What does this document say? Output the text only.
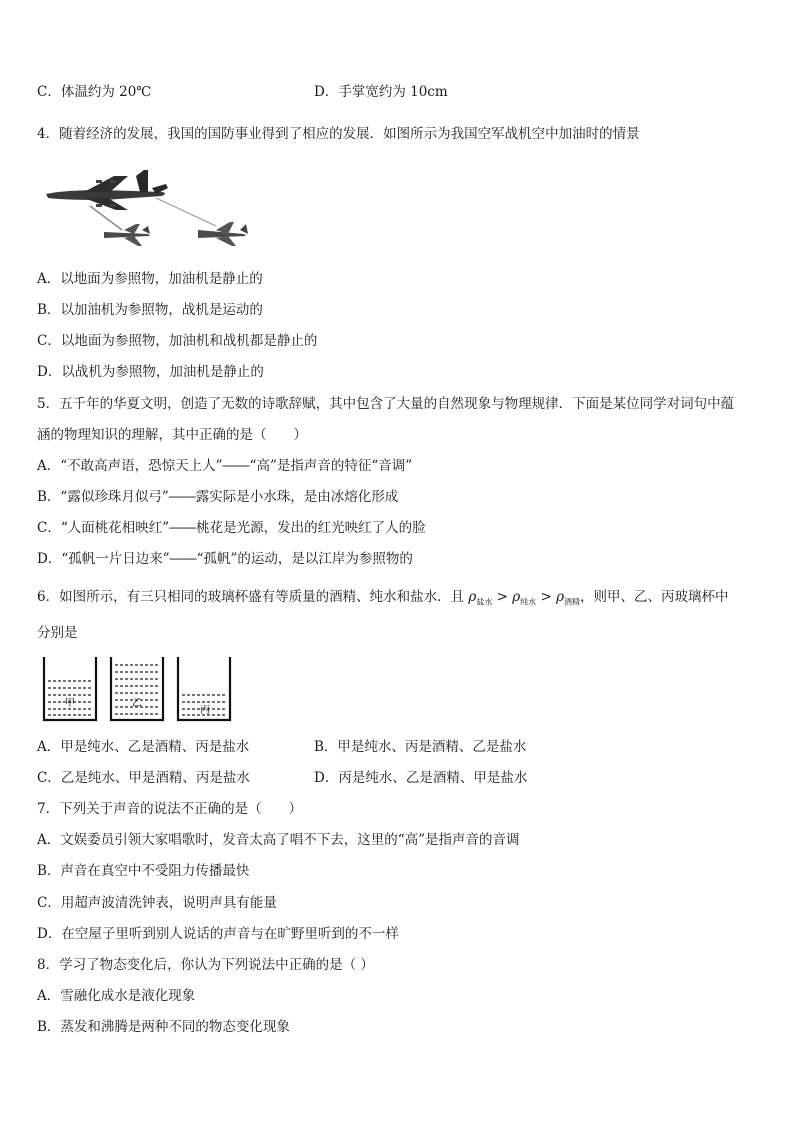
C．体温约为 20℃	D．手掌宽约为 10cm
4．随着经济的发展，我国的国防事业得到了相应的发展．如图所示为我国空军战机空中加油时的情景
A．以地面为参照物，加油机是静止的
B．以加油机为参照物，战机是运动的
C．以地面为参照物，加油机和战机都是静止的
D．以战机为参照物，加油机是静止的
5．五千年的华夏文明，创造了无数的诗歌辞赋，其中包含了大量的自然现象与物理规律．下面是某位同学对词句中蕴
涵的物理知识的理解，其中正确的是（　　）
A．“不敢高声语，恐惊天上人”――“高”是指声音的特征“音调”
B．“露似珍珠月似弓”――露实际是小水珠，是由冰熔化形成
C．“人面桃花相映红”――桃花是光源，发出的红光映红了人的脸
D．“孤帆一片日边来”――“孤帆”的运动，是以江岸为参照物的
6．如图所示，有三只相同的玻璃杯盛有等质量的酒精、纯水和盐水．且 $\rho_{盐水} > \rho_{纯水} > \rho_{酒精}$，则甲、乙、丙玻璃杯中
分别是
甲	乙
丙
A．甲是纯水、乙是酒精、丙是盐水	B．甲是纯水、丙是酒精、乙是盐水
C．乙是纯水、甲是酒精、丙是盐水	D．丙是纯水、乙是酒精、甲是盐水
7．下列关于声音的说法不正确的是（　　）
A．文娱委员引领大家唱歌时，发音太高了唱不下去，这里的“高”是指声音的音调
B．声音在真空中不受阻力传播最快
C．用超声波清洗钟表，说明声具有能量
D．在空屋子里听到别人说话的声音与在旷野里听到的不一样
8．学习了物态变化后，你认为下列说法中正确的是（ ）
A．雪融化成水是液化现象
B．蒸发和沸腾是两种不同的物态变化现象
